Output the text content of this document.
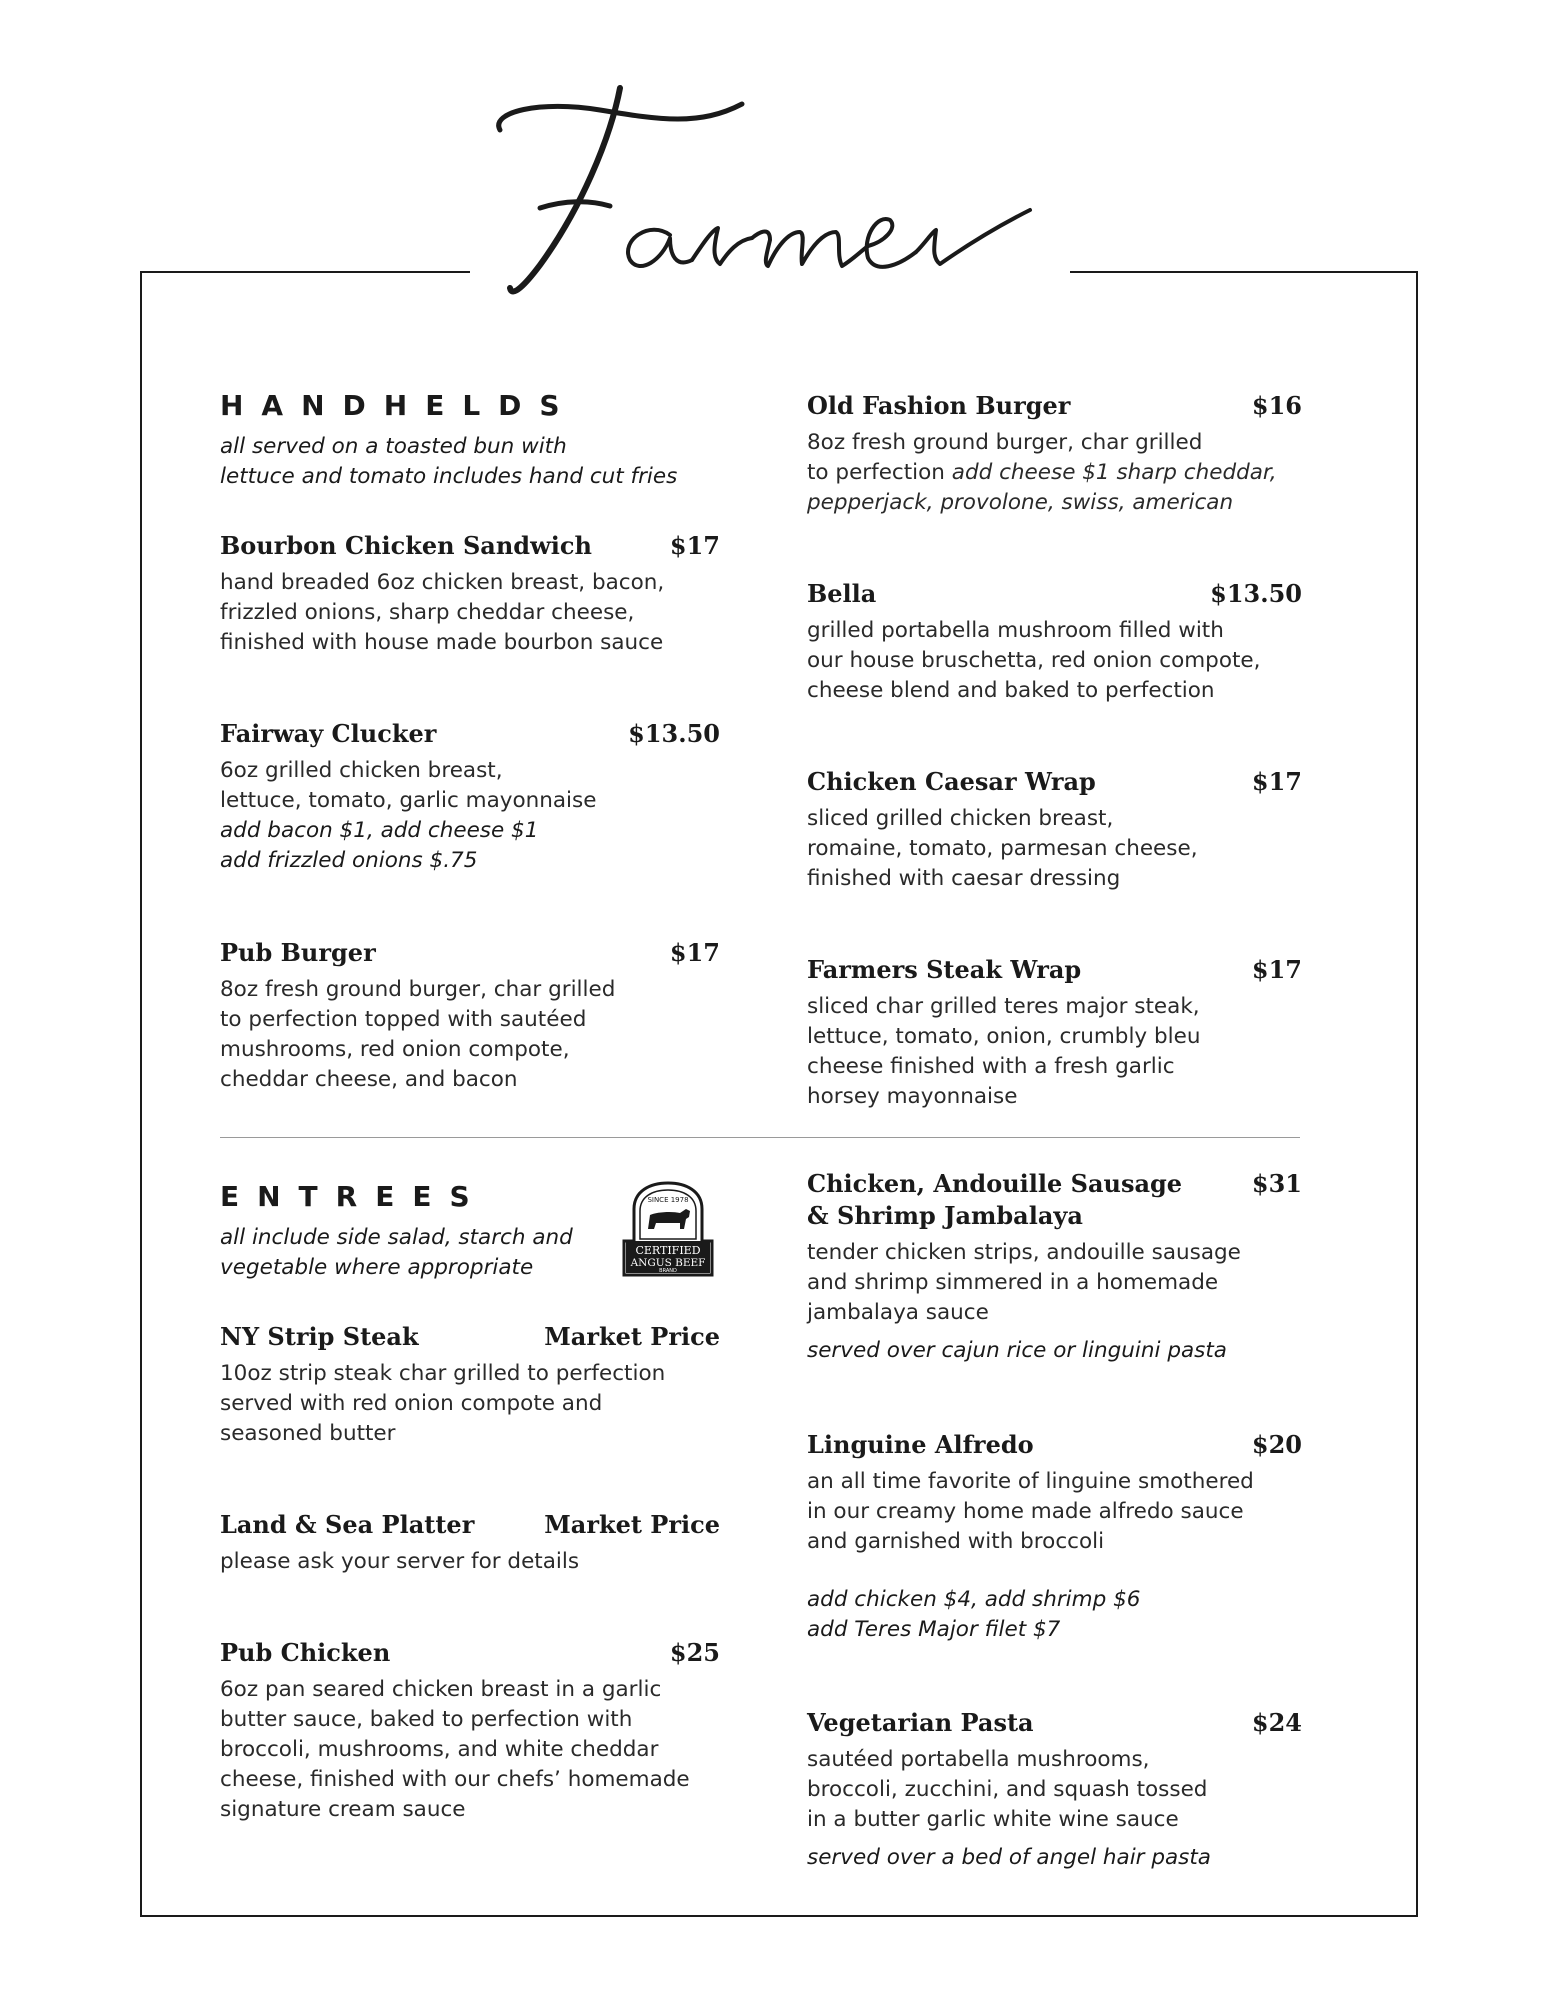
HANDHELDS

all served on a toasted bun with
lettuce and tomato includes hand cut fries

Bourbon Chicken Sandwich	$17
hand breaded 6oz chicken breast, bacon,
frizzled onions, sharp cheddar cheese,
finished with house made bourbon sauce
Fairway Clucker	$13.50
6oz grilled chicken breast,
lettuce, tomato, garlic mayonnaise
add bacon $1, add cheese $1
add frizzled onions $.75
Pub Burger	$17
8oz fresh ground burger, char grilled
to perfection topped with sautéed
mushrooms, red onion compote,
cheddar cheese, and bacon
Old Fashion Burger	$16
8oz fresh ground burger, char grilled
to perfection add cheese $1 sharp cheddar,
pepperjack, provolone, swiss, american
Bella	$13.50
grilled portabella mushroom filled with
our house bruschetta, red onion compote,
cheese blend and baked to perfection
Chicken Caesar Wrap	$17
sliced grilled chicken breast,
romaine, tomato, parmesan cheese,
finished with caesar dressing
Farmers Steak Wrap	$17
sliced char grilled teres major steak,
lettuce, tomato, onion, crumbly bleu
cheese finished with a fresh garlic
horsey mayonnaise
ENTREES

all include side salad, starch and
vegetable where appropriate

SINCE 1978
CERTIFIED
ANGUS BEEF
BRAND
NY Strip Steak	Market Price
10oz strip steak char grilled to perfection
served with red onion compote and
seasoned butter
Land & Sea Platter	Market Price
please ask your server for details
Pub Chicken	$25
6oz pan seared chicken breast in a garlic
butter sauce, baked to perfection with
broccoli, mushrooms, and white cheddar
cheese, finished with our chefs’ homemade
signature cream sauce
Chicken, Andouille Sausage
& Shrimp Jambalaya
$31
tender chicken strips, andouille sausage
and shrimp simmered in a homemade
jambalaya sauce
served over cajun rice or linguini pasta
Linguine Alfredo	$20
an all time favorite of linguine smothered
in our creamy home made alfredo sauce
and garnished with broccoli
add chicken $4, add shrimp $6
add Teres Major filet $7
Vegetarian Pasta	$24
sautéed portabella mushrooms,
broccoli, zucchini, and squash tossed
in a butter garlic white wine sauce
served over a bed of angel hair pasta
